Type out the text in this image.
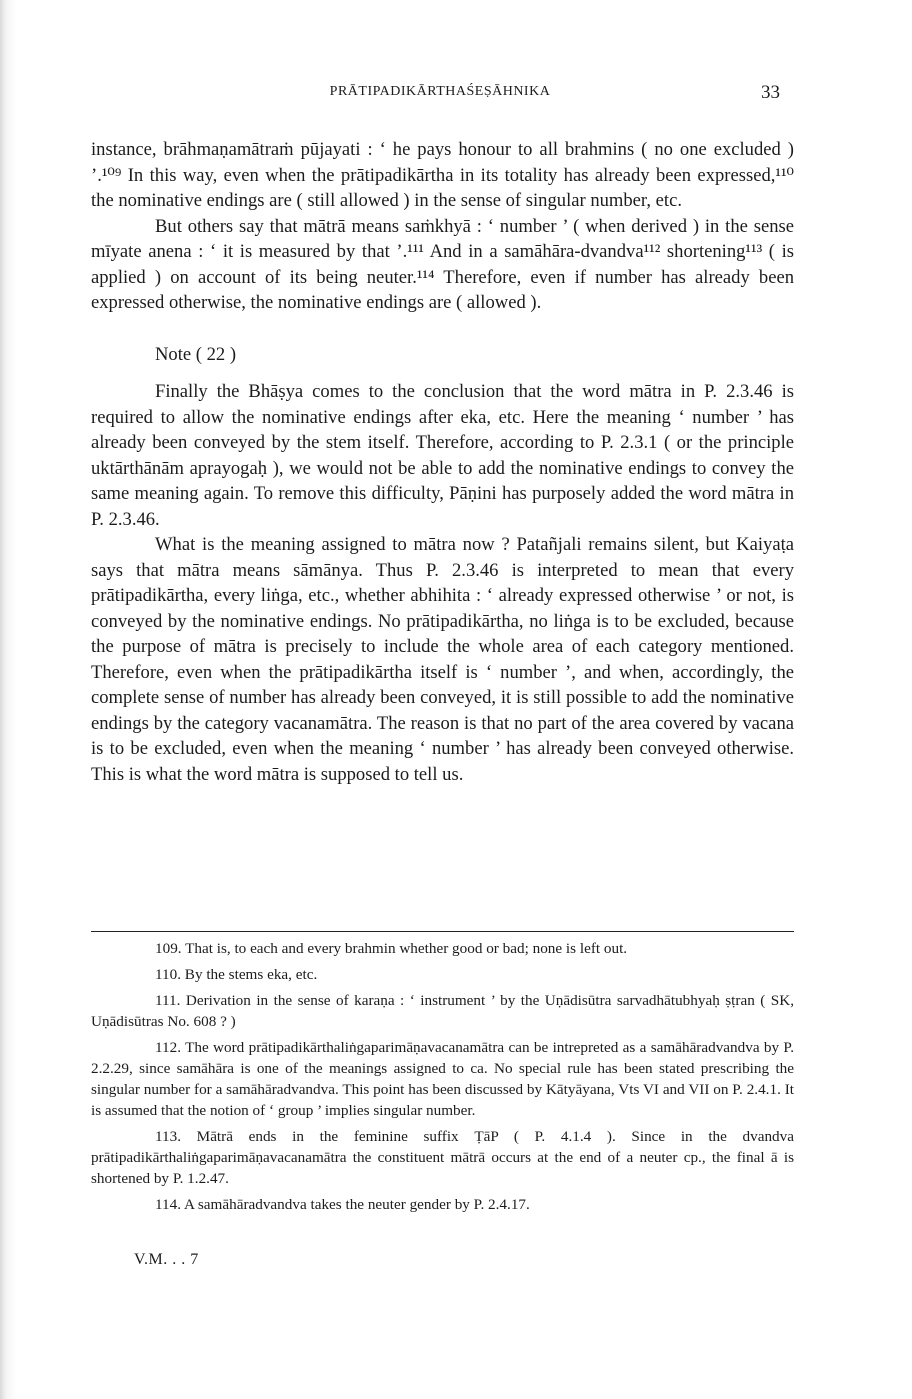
PRĀTIPADIKĀRTHAŚEṢĀHNIKA	33

instance, brāhmaṇamātraṁ pūjayati : ‘ he pays honour to all brahmins ( no one excluded ) ’.¹⁰⁹ In this way, even when the prātipadikārtha in its totality has already been expressed,¹¹⁰ the nominative endings are ( still allowed ) in the sense of singular number, etc.

But others say that mātrā means saṁkhyā : ‘ number ’ ( when derived ) in the sense mīyate anena : ‘ it is measured by that ’.¹¹¹ And in a samāhāra-dvandva¹¹² shortening¹¹³ ( is applied ) on account of its being neuter.¹¹⁴ Therefore, even if number has already been expressed otherwise, the nominative endings are ( allowed ).

Note ( 22 )

Finally the Bhāṣya comes to the conclusion that the word mātra in P. 2.3.46 is required to allow the nominative endings after eka, etc. Here the meaning ‘ number ’ has already been conveyed by the stem itself. Therefore, according to P. 2.3.1 ( or the principle uktārthānām aprayogaḥ ), we would not be able to add the nominative endings to convey the same meaning again. To remove this difficulty, Pāṇini has purposely added the word mātra in P. 2.3.46.

What is the meaning assigned to mātra now ? Patañjali remains silent, but Kaiyaṭa says that mātra means sāmānya. Thus P. 2.3.46 is interpreted to mean that every prātipadikārtha, every liṅga, etc., whether abhihita : ‘ already expressed otherwise ’ or not, is conveyed by the nominative endings. No prātipadikārtha, no liṅga is to be excluded, because the purpose of mātra is precisely to include the whole area of each category mentioned. Therefore, even when the prātipadikārtha itself is ‘ number ’, and when, accordingly, the complete sense of number has already been conveyed, it is still possible to add the nominative endings by the category vacanamātra. The reason is that no part of the area covered by vacana is to be excluded, even when the meaning ‘ number ’ has already been conveyed otherwise. This is what the word mātra is supposed to tell us.

109. That is, to each and every brahmin whether good or bad; none is left out.

110. By the stems eka, etc.

111. Derivation in the sense of karaṇa : ‘ instrument ’ by the Uṇādisūtra sarvadhātubhyaḥ ṣṭran ( SK, Uṇādisūtras No. 608 ? )

112. The word prātipadikārthaliṅgaparimāṇavacanamātra can be intrepreted as a samāhāradvandva by P. 2.2.29, since samāhāra is one of the meanings assigned to ca. No special rule has been stated prescribing the singular number for a samāhāradvandva. This point has been discussed by Kātyāyana, Vts VI and VII on P. 2.4.1. It is assumed that the notion of ‘ group ’ implies singular number.

113. Mātrā ends in the feminine suffix ṬāP ( P. 4.1.4 ). Since in the dvandva prātipadikārthaliṅgaparimāṇavacanamātra the constituent mātrā occurs at the end of a neuter cp., the final ā is shortened by P. 1.2.47.

114. A samāhāradvandva takes the neuter gender by P. 2.4.17.

V.M. . . 7
